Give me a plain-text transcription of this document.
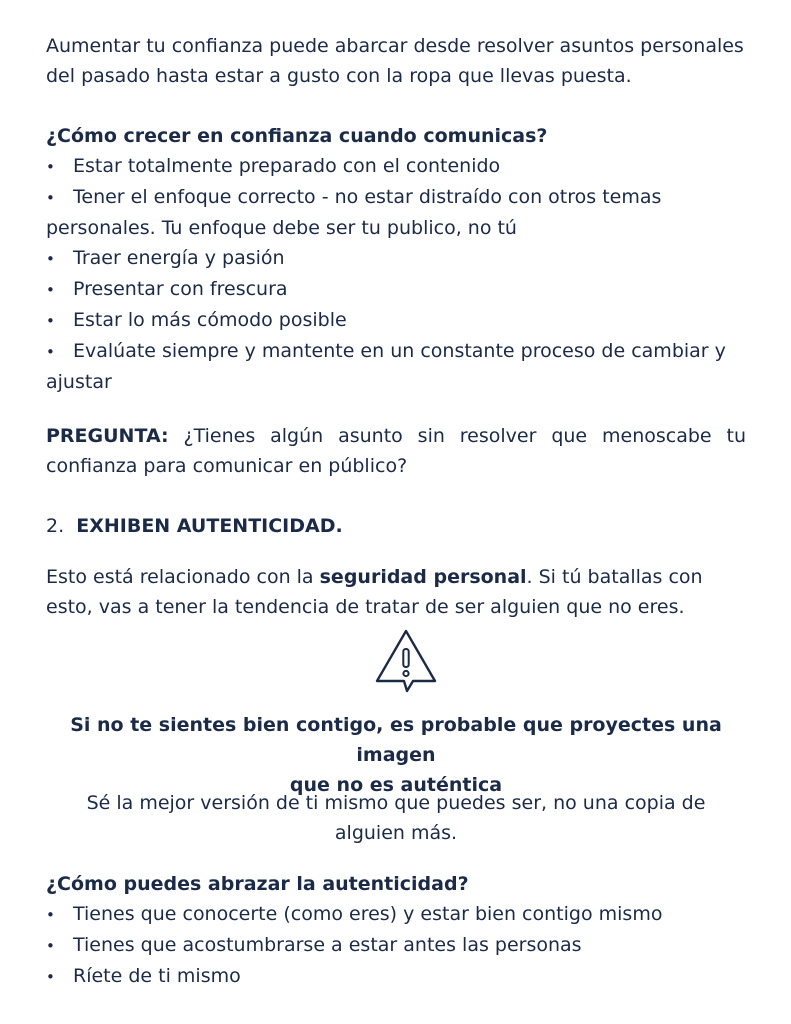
Aumentar tu confianza puede abarcar desde resolver asuntos personales del pasado hasta estar a gusto con la ropa que llevas puesta.

¿Cómo crecer en confianza cuando comunicas?

• Estar totalmente preparado con el contenido
• Tener el enfoque correcto - no estar distraído con otros temas

personales. Tu enfoque debe ser tu publico, no tú

• Traer energía y pasión
• Presentar con frescura
• Estar lo más cómodo posible
• Evalúate siempre y mantente en un constante proceso de cambiar y

ajustar

PREGUNTA: ¿Tienes algún asunto sin resolver que menoscabe tu confianza para comunicar en público?

2. EXHIBEN AUTENTICIDAD.

Esto está relacionado con la seguridad personal. Si tú batallas con esto, vas a tener la tendencia de tratar de ser alguien que no eres.

Si no te sientes bien contigo, es probable que proyectes una imagen

que no es auténtica

Sé la mejor versión de ti mismo que puedes ser, no una copia de

alguien más.

¿Cómo puedes abrazar la autenticidad?

• Tienes que conocerte (como eres) y estar bien contigo mismo
• Tienes que acostumbrarse a estar antes las personas
• Ríete de ti mismo
